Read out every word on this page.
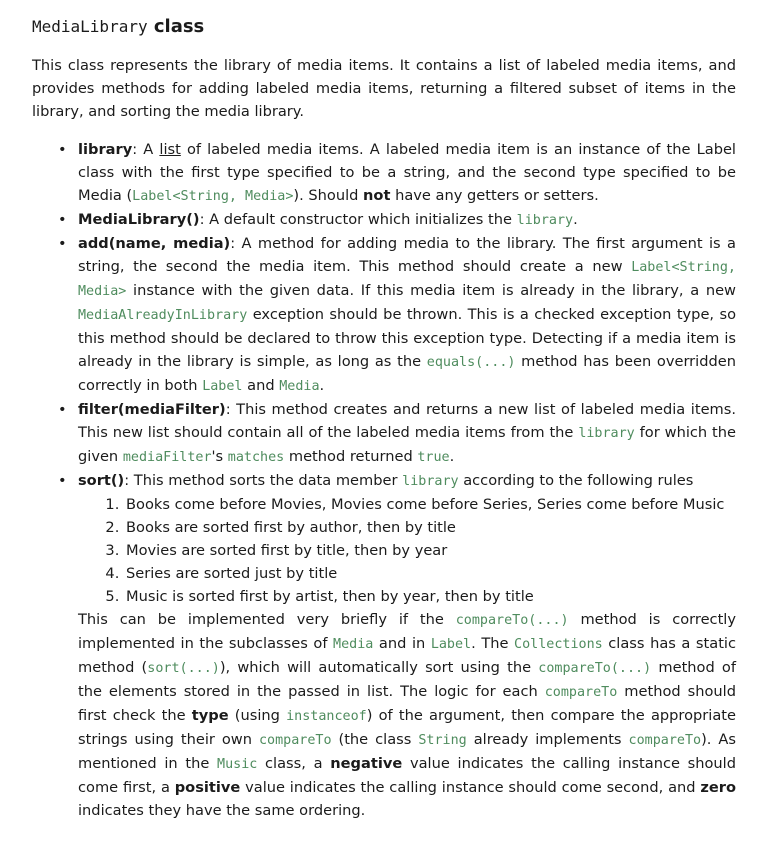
MediaLibrary class

This class represents the library of media items. It contains a list of labeled media items, and provides methods for adding labeled media items, returning a filtered subset of items in the library, and sorting the media library.

• library: A list of labeled media items. A labeled media item is an instance of the Label class with the first type specified to be a string, and the second type specified to be Media (Label<String, Media>). Should not have any getters or setters.
• MediaLibrary(): A default constructor which initializes the library.
• add(name, media): A method for adding media to the library. The first argument is a string, the second the media item. This method should create a new Label<String, Media> instance with the given data. If this media item is already in the library, a new MediaAlreadyInLibrary exception should be thrown. This is a checked exception type, so this method should be declared to throw this exception type. Detecting if a media item is already in the library is simple, as long as the equals(...) method has been overridden correctly in both Label and Media.
• filter(mediaFilter): This method creates and returns a new list of labeled media items. This new list should contain all of the labeled media items from the library for which the given mediaFilter's matches method returned true.
• sort(): This method sorts the data member library according to the following rules
1. Books come before Movies, Movies come before Series, Series come before Music
2. Books are sorted first by author, then by title
3. Movies are sorted first by title, then by year
4. Series are sorted just by title
5. Music is sorted first by artist, then by year, then by title

This can be implemented very briefly if the compareTo(...) method is correctly implemented in the subclasses of Media and in Label. The Collections class has a static method (sort(...)), which will automatically sort using the compareTo(...) method of the elements stored in the passed in list. The logic for each compareTo method should first check the type (using instanceof) of the argument, then compare the appropriate strings using their own compareTo (the class String already implements compareTo). As mentioned in the Music class, a negative value indicates the calling instance should come first, a positive value indicates the calling instance should come second, and zero indicates they have the same ordering.
